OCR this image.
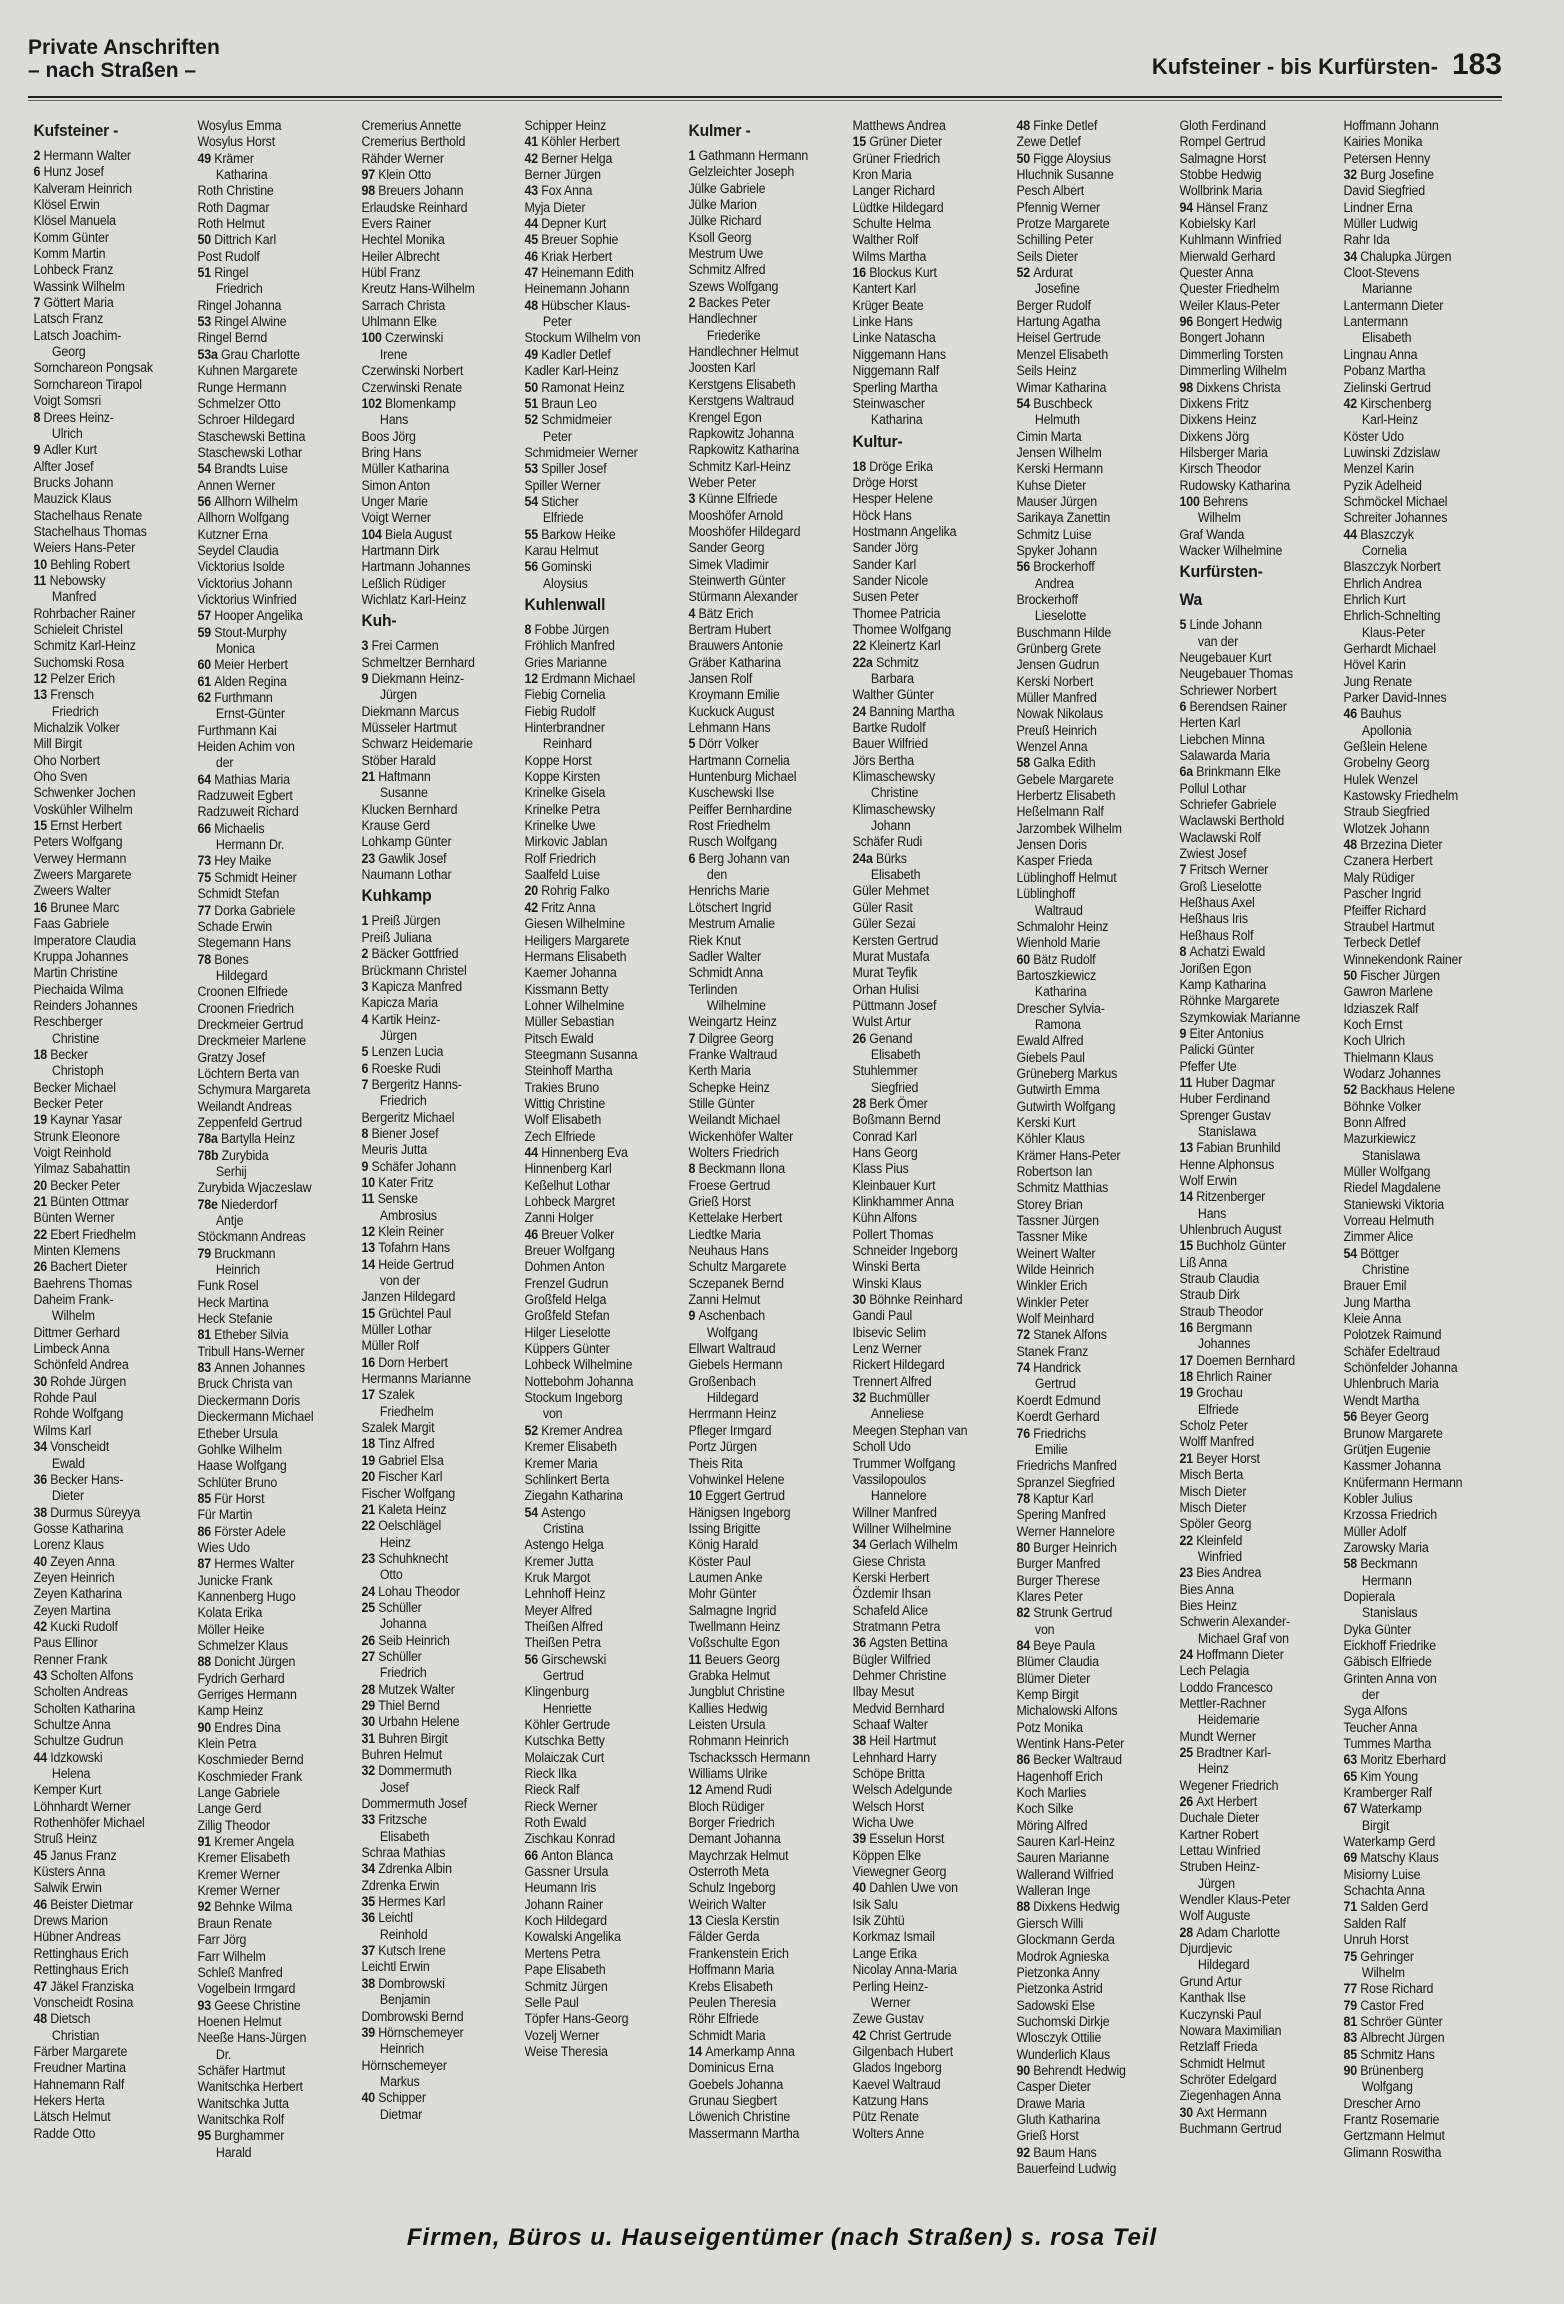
Private Anschriften
– nach Straßen –	Kufsteiner - bis Kurfürsten- 183
Kufsteiner -
2 Hermann Walter
6 Hunz Josef
Kalveram Heinrich
Klösel Erwin
Klösel Manuela
Komm Günter
Komm Martin
Lohbeck Franz
Wassink Wilhelm
7 Göttert Maria
Latsch Franz
Latsch Joachim-
Georg
Sornchareon Pongsak
Sornchareon Tirapol
Voigt Somsri
8 Drees Heinz-
Ulrich
9 Adler Kurt
Alfter Josef
Brucks Johann
Mauzick Klaus
Stachelhaus Renate
Stachelhaus Thomas
Weiers Hans-Peter
10 Behling Robert
11 Nebowsky
Manfred
Rohrbacher Rainer
Schieleit Christel
Schmitz Karl-Heinz
Suchomski Rosa
12 Pelzer Erich
13 Frensch
Friedrich
Michalzik Volker
Mill Birgit
Oho Norbert
Oho Sven
Schwenker Jochen
Voskühler Wilhelm
15 Ernst Herbert
Peters Wolfgang
Verwey Hermann
Zweers Margarete
Zweers Walter
16 Brunee Marc
Faas Gabriele
Imperatore Claudia
Kruppa Johannes
Martin Christine
Piechaida Wilma
Reinders Johannes
Reschberger
Christine
18 Becker
Christoph
Becker Michael
Becker Peter
19 Kaynar Yasar
Strunk Eleonore
Voigt Reinhold
Yilmaz Sabahattin
20 Becker Peter
21 Bünten Ottmar
Bünten Werner
22 Ebert Friedhelm
Minten Klemens
26 Bachert Dieter
Baehrens Thomas
Daheim Frank-
Wilhelm
Dittmer Gerhard
Limbeck Anna
Schönfeld Andrea
30 Rohde Jürgen
Rohde Paul
Rohde Wolfgang
Wilms Karl
34 Vonscheidt
Ewald
36 Becker Hans-
Dieter
38 Durmus Süreyya
Gosse Katharina
Lorenz Klaus
40 Zeyen Anna
Zeyen Heinrich
Zeyen Katharina
Zeyen Martina
42 Kucki Rudolf
Paus Ellinor
Renner Frank
43 Scholten Alfons
Scholten Andreas
Scholten Katharina
Schultze Anna
Schultze Gudrun
44 Idzkowski
Helena
Kemper Kurt
Löhnhardt Werner
Rothenhöfer Michael
Struß Heinz
45 Janus Franz
Küsters Anna
Salwik Erwin
46 Beister Dietmar
Drews Marion
Hübner Andreas
Rettinghaus Erich
Rettinghaus Erich
47 Jäkel Franziska
Vonscheidt Rosina
48 Dietsch
Christian
Färber Margarete
Freudner Martina
Hahnemann Ralf
Hekers Herta
Lätsch Helmut
Radde Otto
Wosylus Emma
Wosylus Horst
49 Krämer
Katharina
Roth Christine
Roth Dagmar
Roth Helmut
50 Dittrich Karl
Post Rudolf
51 Ringel
Friedrich
Ringel Johanna
53 Ringel Alwine
Ringel Bernd
53a Grau Charlotte
Kuhnen Margarete
Runge Hermann
Schmelzer Otto
Schroer Hildegard
Staschewski Bettina
Staschewski Lothar
54 Brandts Luise
Annen Werner
56 Allhorn Wilhelm
Allhorn Wolfgang
Kutzner Erna
Seydel Claudia
Vicktorius Isolde
Vicktorius Johann
Vicktorius Winfried
57 Hooper Angelika
59 Stout-Murphy
Monica
60 Meier Herbert
61 Alden Regina
62 Furthmann
Ernst-Günter
Furthmann Kai
Heiden Achim von
der
64 Mathias Maria
Radzuweit Egbert
Radzuweit Richard
66 Michaelis
Hermann Dr.
73 Hey Maike
75 Schmidt Heiner
Schmidt Stefan
77 Dorka Gabriele
Schade Erwin
Stegemann Hans
78 Bones
Hildegard
Croonen Elfriede
Croonen Friedrich
Dreckmeier Gertrud
Dreckmeier Marlene
Gratzy Josef
Löchtern Berta van
Schymura Margareta
Weilandt Andreas
Zeppenfeld Gertrud
78a Bartylla Heinz
78b Zurybida
Serhij
Zurybida Wjaczeslaw
78e Niederdorf
Antje
Stöckmann Andreas
79 Bruckmann
Heinrich
Funk Rosel
Heck Martina
Heck Stefanie
81 Etheber Silvia
Tribull Hans-Werner
83 Annen Johannes
Bruck Christa van
Dieckermann Doris
Dieckermann Michael
Etheber Ursula
Gohlke Wilhelm
Haase Wolfgang
Schlüter Bruno
85 Für Horst
Für Martin
86 Förster Adele
Wies Udo
87 Hermes Walter
Junicke Frank
Kannenberg Hugo
Kolata Erika
Möller Heike
Schmelzer Klaus
88 Donicht Jürgen
Fydrich Gerhard
Gerriges Hermann
Kamp Heinz
90 Endres Dina
Klein Petra
Koschmieder Bernd
Koschmieder Frank
Lange Gabriele
Lange Gerd
Zillig Theodor
91 Kremer Angela
Kremer Elisabeth
Kremer Werner
Kremer Werner
92 Behnke Wilma
Braun Renate
Farr Jörg
Farr Wilhelm
Schleß Manfred
Vogelbein Irmgard
93 Geese Christine
Hoenen Helmut
Neeße Hans-Jürgen
Dr.
Schäfer Hartmut
Wanitschka Herbert
Wanitschka Jutta
Wanitschka Rolf
95 Burghammer
Harald
Cremerius Annette
Cremerius Berthold
Rähder Werner
97 Klein Otto
98 Breuers Johann
Erlaudske Reinhard
Evers Rainer
Hechtel Monika
Heiler Albrecht
Hübl Franz
Kreutz Hans-Wilhelm
Sarrach Christa
Uhlmann Elke
100 Czerwinski
Irene
Czerwinski Norbert
Czerwinski Renate
102 Blomenkamp
Hans
Boos Jörg
Bring Hans
Müller Katharina
Simon Anton
Unger Marie
Voigt Werner
104 Biela August
Hartmann Dirk
Hartmann Johannes
Leßlich Rüdiger
Wichlatz Karl-Heinz
Kuh-
3 Frei Carmen
Schmeltzer Bernhard
9 Diekmann Heinz-
Jürgen
Diekmann Marcus
Müsseler Hartmut
Schwarz Heidemarie
Stöber Harald
21 Haftmann
Susanne
Klucken Bernhard
Krause Gerd
Lohkamp Günter
23 Gawlik Josef
Naumann Lothar
Kuhkamp
1 Preiß Jürgen
Preiß Juliana
2 Bäcker Gottfried
Brückmann Christel
3 Kapicza Manfred
Kapicza Maria
4 Kartik Heinz-
Jürgen
5 Lenzen Lucia
6 Roeske Rudi
7 Bergeritz Hanns-
Friedrich
Bergeritz Michael
8 Biener Josef
Meuris Jutta
9 Schäfer Johann
10 Kater Fritz
11 Senske
Ambrosius
12 Klein Reiner
13 Tofahrn Hans
14 Heide Gertrud
von der
Janzen Hildegard
15 Grüchtel Paul
Müller Lothar
Müller Rolf
16 Dorn Herbert
Hermanns Marianne
17 Szalek
Friedhelm
Szalek Margit
18 Tinz Alfred
19 Gabriel Elsa
20 Fischer Karl
Fischer Wolfgang
21 Kaleta Heinz
22 Oelschlägel
Heinz
23 Schuhknecht
Otto
24 Lohau Theodor
25 Schüller
Johanna
26 Seib Heinrich
27 Schüller
Friedrich
28 Mutzek Walter
29 Thiel Bernd
30 Urbahn Helene
31 Buhren Birgit
Buhren Helmut
32 Dommermuth
Josef
Dommermuth Josef
33 Fritzsche
Elisabeth
Schraa Mathias
34 Zdrenka Albin
Zdrenka Erwin
35 Hermes Karl
36 Leichtl
Reinhold
37 Kutsch Irene
Leichtl Erwin
38 Dombrowski
Benjamin
Dombrowski Bernd
39 Hörnschemeyer
Heinrich
Hörnschemeyer
Markus
40 Schipper
Dietmar
Schipper Heinz
41 Köhler Herbert
42 Berner Helga
Berner Jürgen
43 Fox Anna
Myja Dieter
44 Depner Kurt
45 Breuer Sophie
46 Kriak Herbert
47 Heinemann Edith
Heinemann Johann
48 Hübscher Klaus-
Peter
Stockum Wilhelm von
49 Kadler Detlef
Kadler Karl-Heinz
50 Ramonat Heinz
51 Braun Leo
52 Schmidmeier
Peter
Schmidmeier Werner
53 Spiller Josef
Spiller Werner
54 Sticher
Elfriede
55 Barkow Heike
Karau Helmut
56 Gominski
Aloysius
Kuhlenwall
8 Fobbe Jürgen
Fröhlich Manfred
Gries Marianne
12 Erdmann Michael
Fiebig Cornelia
Fiebig Rudolf
Hinterbrandner
Reinhard
Koppe Horst
Koppe Kirsten
Krinelke Gisela
Krinelke Petra
Krinelke Uwe
Mirkovic Jablan
Rolf Friedrich
Saalfeld Luise
20 Rohrig Falko
42 Fritz Anna
Giesen Wilhelmine
Heiligers Margarete
Hermans Elisabeth
Kaemer Johanna
Kissmann Betty
Lohner Wilhelmine
Müller Sebastian
Pitsch Ewald
Steegmann Susanna
Steinhoff Martha
Trakies Bruno
Wittig Christine
Wolf Elisabeth
Zech Elfriede
44 Hinnenberg Eva
Hinnenberg Karl
Keßelhut Lothar
Lohbeck Margret
Zanni Holger
46 Breuer Volker
Breuer Wolfgang
Dohmen Anton
Frenzel Gudrun
Großfeld Helga
Großfeld Stefan
Hilger Lieselotte
Küppers Günter
Lohbeck Wilhelmine
Nottebohm Johanna
Stockum Ingeborg
von
52 Kremer Andrea
Kremer Elisabeth
Kremer Maria
Schlinkert Berta
Ziegahn Katharina
54 Astengo
Cristina
Astengo Helga
Kremer Jutta
Kruk Margot
Lehnhoff Heinz
Meyer Alfred
Theißen Alfred
Theißen Petra
56 Girschewski
Gertrud
Klingenburg
Henriette
Köhler Gertrude
Kutschka Betty
Molaiczak Curt
Rieck Ilka
Rieck Ralf
Rieck Werner
Roth Ewald
Zischkau Konrad
66 Anton Blanca
Gassner Ursula
Heumann Iris
Johann Rainer
Koch Hildegard
Kowalski Angelika
Mertens Petra
Pape Elisabeth
Schmitz Jürgen
Selle Paul
Töpfer Hans-Georg
Vozelj Werner
Weise Theresia
Kulmer -
1 Gathmann Hermann
Gelzleichter Joseph
Jülke Gabriele
Jülke Marion
Jülke Richard
Ksoll Georg
Mestrum Uwe
Schmitz Alfred
Szews Wolfgang
2 Backes Peter
Handlechner
Friederike
Handlechner Helmut
Joosten Karl
Kerstgens Elisabeth
Kerstgens Waltraud
Krengel Egon
Rapkowitz Johanna
Rapkowitz Katharina
Schmitz Karl-Heinz
Weber Peter
3 Künne Elfriede
Mooshöfer Arnold
Mooshöfer Hildegard
Sander Georg
Simek Vladimir
Steinwerth Günter
Stürmann Alexander
4 Bätz Erich
Bertram Hubert
Brauwers Antonie
Gräber Katharina
Jansen Rolf
Kroymann Emilie
Kuckuck August
Lehmann Hans
5 Dörr Volker
Hartmann Cornelia
Huntenburg Michael
Kuschewski Ilse
Peiffer Bernhardine
Rost Friedhelm
Rusch Wolfgang
6 Berg Johann van
den
Henrichs Marie
Lötschert Ingrid
Mestrum Amalie
Riek Knut
Sadler Walter
Schmidt Anna
Terlinden
Wilhelmine
Weingartz Heinz
7 Dilgree Georg
Franke Waltraud
Kerth Maria
Schepke Heinz
Stille Günter
Weilandt Michael
Wickenhöfer Walter
Wolters Friedrich
8 Beckmann Ilona
Froese Gertrud
Grieß Horst
Kettelake Herbert
Liedtke Maria
Neuhaus Hans
Schultz Margarete
Sczepanek Bernd
Zanni Helmut
9 Aschenbach
Wolfgang
Ellwart Waltraud
Giebels Hermann
Großenbach
Hildegard
Herrmann Heinz
Pfleger Irmgard
Portz Jürgen
Theis Rita
Vohwinkel Helene
10 Eggert Gertrud
Hänigsen Ingeborg
Issing Brigitte
König Harald
Köster Paul
Laumen Anke
Mohr Günter
Salmagne Ingrid
Twellmann Heinz
Voßschulte Egon
11 Beuers Georg
Grabka Helmut
Jungblut Christine
Kallies Hedwig
Leisten Ursula
Rohmann Heinrich
Tschackssch Hermann
Williams Ulrike
12 Amend Rudi
Bloch Rüdiger
Borger Friedrich
Demant Johanna
Maychrzak Helmut
Osterroth Meta
Schulz Ingeborg
Weirich Walter
13 Ciesla Kerstin
Fälder Gerda
Frankenstein Erich
Hoffmann Maria
Krebs Elisabeth
Peulen Theresia
Röhr Elfriede
Schmidt Maria
14 Amerkamp Anna
Dominicus Erna
Goebels Johanna
Grunau Siegbert
Löwenich Christine
Massermann Martha
Matthews Andrea
15 Grüner Dieter
Grüner Friedrich
Kron Maria
Langer Richard
Lüdtke Hildegard
Schulte Helma
Walther Rolf
Wilms Martha
16 Blockus Kurt
Kantert Karl
Krüger Beate
Linke Hans
Linke Natascha
Niggemann Hans
Niggemann Ralf
Sperling Martha
Steinwascher
Katharina
Kultur-
18 Dröge Erika
Dröge Horst
Hesper Helene
Höck Hans
Hostmann Angelika
Sander Jörg
Sander Karl
Sander Nicole
Susen Peter
Thomee Patricia
Thomee Wolfgang
22 Kleinertz Karl
22a Schmitz
Barbara
Walther Günter
24 Banning Martha
Bartke Rudolf
Bauer Wilfried
Jörs Bertha
Klimaschewsky
Christine
Klimaschewsky
Johann
Schäfer Rudi
24a Bürks
Elisabeth
Güler Mehmet
Güler Rasit
Güler Sezai
Kersten Gertrud
Murat Mustafa
Murat Teyfik
Orhan Hulisi
Püttmann Josef
Wulst Artur
26 Genand
Elisabeth
Stuhlemmer
Siegfried
28 Berk Ömer
Boßmann Bernd
Conrad Karl
Hans Georg
Klass Pius
Kleinbauer Kurt
Klinkhammer Anna
Kühn Alfons
Pollert Thomas
Schneider Ingeborg
Winski Berta
Winski Klaus
30 Böhnke Reinhard
Gandi Paul
Ibisevic Selim
Lenz Werner
Rickert Hildegard
Trennert Alfred
32 Buchmüller
Anneliese
Meegen Stephan van
Scholl Udo
Trummer Wolfgang
Vassilopoulos
Hannelore
Willner Manfred
Willner Wilhelmine
34 Gerlach Wilhelm
Giese Christa
Kerski Herbert
Özdemir Ihsan
Schafeld Alice
Stratmann Petra
36 Agsten Bettina
Bügler Wilfried
Dehmer Christine
Ilbay Mesut
Medvid Bernhard
Schaaf Walter
38 Heil Hartmut
Lehnhard Harry
Schöpe Britta
Welsch Adelgunde
Welsch Horst
Wicha Uwe
39 Esselun Horst
Köppen Elke
Viewegner Georg
40 Dahlen Uwe von
Isik Salu
Isik Zühtü
Korkmaz Ismail
Lange Erika
Nicolay Anna-Maria
Perling Heinz-
Werner
Zewe Gustav
42 Christ Gertrude
Gilgenbach Hubert
Glados Ingeborg
Kaevel Waltraud
Katzung Hans
Pütz Renate
Wolters Anne
48 Finke Detlef
Zewe Detlef
50 Figge Aloysius
Hluchnik Susanne
Pesch Albert
Pfennig Werner
Protze Margarete
Schilling Peter
Seils Dieter
52 Ardurat
Josefine
Berger Rudolf
Hartung Agatha
Heisel Gertrude
Menzel Elisabeth
Seils Heinz
Wimar Katharina
54 Buschbeck
Helmuth
Cimin Marta
Jensen Wilhelm
Kerski Hermann
Kuhse Dieter
Mauser Jürgen
Sarikaya Zanettin
Schmitz Luise
Spyker Johann
56 Brockerhoff
Andrea
Brockerhoff
Lieselotte
Buschmann Hilde
Grünberg Grete
Jensen Gudrun
Kerski Norbert
Müller Manfred
Nowak Nikolaus
Preuß Heinrich
Wenzel Anna
58 Galka Edith
Gebele Margarete
Herbertz Elisabeth
Heßelmann Ralf
Jarzombek Wilhelm
Jensen Doris
Kasper Frieda
Lüblinghoff Helmut
Lüblinghoff
Waltraud
Schmalohr Heinz
Wienhold Marie
60 Bätz Rudolf
Bartoszkiewicz
Katharina
Drescher Sylvia-
Ramona
Ewald Alfred
Giebels Paul
Grüneberg Markus
Gutwirth Emma
Gutwirth Wolfgang
Kerski Kurt
Köhler Klaus
Krämer Hans-Peter
Robertson Ian
Schmitz Matthias
Storey Brian
Tassner Jürgen
Tassner Mike
Weinert Walter
Wilde Heinrich
Winkler Erich
Winkler Peter
Wolf Meinhard
72 Stanek Alfons
Stanek Franz
74 Handrick
Gertrud
Koerdt Edmund
Koerdt Gerhard
76 Friedrichs
Emilie
Friedrichs Manfred
Spranzel Siegfried
78 Kaptur Karl
Spering Manfred
Werner Hannelore
80 Burger Heinrich
Burger Manfred
Burger Therese
Klares Peter
82 Strunk Gertrud
von
84 Beye Paula
Blümer Claudia
Blümer Dieter
Kemp Birgit
Michalowski Alfons
Potz Monika
Wentink Hans-Peter
86 Becker Waltraud
Hagenhoff Erich
Koch Marlies
Koch Silke
Möring Alfred
Sauren Karl-Heinz
Sauren Marianne
Wallerand Wilfried
Walleran Inge
88 Dixkens Hedwig
Giersch Willi
Glockmann Gerda
Modrok Agnieska
Pietzonka Anny
Pietzonka Astrid
Sadowski Else
Suchomski Dirkje
Wlosczyk Ottilie
Wunderlich Klaus
90 Behrendt Hedwig
Casper Dieter
Drawe Maria
Gluth Katharina
Grieß Horst
92 Baum Hans
Bauerfeind Ludwig
Gloth Ferdinand
Rompel Gertrud
Salmagne Horst
Stobbe Hedwig
Wollbrink Maria
94 Hänsel Franz
Kobielsky Karl
Kuhlmann Winfried
Mierwald Gerhard
Quester Anna
Quester Friedhelm
Weiler Klaus-Peter
96 Bongert Hedwig
Bongert Johann
Dimmerling Torsten
Dimmerling Wilhelm
98 Dixkens Christa
Dixkens Fritz
Dixkens Heinz
Dixkens Jörg
Hilsberger Maria
Kirsch Theodor
Rudowsky Katharina
100 Behrens
Wilhelm
Graf Wanda
Wacker Wilhelmine
Kurfürsten-
Wa
5 Linde Johann
van der
Neugebauer Kurt
Neugebauer Thomas
Schriewer Norbert
6 Berendsen Rainer
Herten Karl
Liebchen Minna
Salawarda Maria
6a Brinkmann Elke
Pollul Lothar
Schriefer Gabriele
Waclawski Berthold
Waclawski Rolf
Zwiest Josef
7 Fritsch Werner
Groß Lieselotte
Heßhaus Axel
Heßhaus Iris
Heßhaus Rolf
8 Achatzi Ewald
Jorißen Egon
Kamp Katharina
Röhnke Margarete
Szymkowiak Marianne
9 Eiter Antonius
Palicki Günter
Pfeffer Ute
11 Huber Dagmar
Huber Ferdinand
Sprenger Gustav
Stanislawa
13 Fabian Brunhild
Henne Alphonsus
Wolf Erwin
14 Ritzenberger
Hans
Uhlenbruch August
15 Buchholz Günter
Liß Anna
Straub Claudia
Straub Dirk
Straub Theodor
16 Bergmann
Johannes
17 Doemen Bernhard
18 Ehrlich Rainer
19 Grochau
Elfriede
Scholz Peter
Wolff Manfred
21 Beyer Horst
Misch Berta
Misch Dieter
Misch Dieter
Spöler Georg
22 Kleinfeld
Winfried
23 Bies Andrea
Bies Anna
Bies Heinz
Schwerin Alexander-
Michael Graf von
24 Hoffmann Dieter
Lech Pelagia
Loddo Francesco
Mettler-Rachner
Heidemarie
Mundt Werner
25 Bradtner Karl-
Heinz
Wegener Friedrich
26 Axt Herbert
Duchale Dieter
Kartner Robert
Lettau Winfried
Struben Heinz-
Jürgen
Wendler Klaus-Peter
Wolf Auguste
28 Adam Charlotte
Djurdjevic
Hildegard
Grund Artur
Kanthak Ilse
Kuczynski Paul
Nowara Maximilian
Retzlaff Frieda
Schmidt Helmut
Schröter Edelgard
Ziegenhagen Anna
30 Axt Hermann
Buchmann Gertrud
Hoffmann Johann
Kairies Monika
Petersen Henny
32 Burg Josefine
David Siegfried
Lindner Erna
Müller Ludwig
Rahr Ida
34 Chalupka Jürgen
Cloot-Stevens
Marianne
Lantermann Dieter
Lantermann
Elisabeth
Lingnau Anna
Pobanz Martha
Zielinski Gertrud
42 Kirschenberg
Karl-Heinz
Köster Udo
Luwinski Zdzislaw
Menzel Karin
Pyzik Adelheid
Schmöckel Michael
Schreiter Johannes
44 Blaszczyk
Cornelia
Blaszczyk Norbert
Ehrlich Andrea
Ehrlich Kurt
Ehrlich-Schnelting
Klaus-Peter
Gerhardt Michael
Hövel Karin
Jung Renate
Parker David-Innes
46 Bauhus
Apollonia
Geßlein Helene
Grobelny Georg
Hulek Wenzel
Kastowsky Friedhelm
Straub Siegfried
Wlotzek Johann
48 Brzezina Dieter
Czanera Herbert
Maly Rüdiger
Pascher Ingrid
Pfeiffer Richard
Straubel Hartmut
Terbeck Detlef
Winnekendonk Rainer
50 Fischer Jürgen
Gawron Marlene
Idziaszek Ralf
Koch Ernst
Koch Ulrich
Thielmann Klaus
Wodarz Johannes
52 Backhaus Helene
Böhnke Volker
Bonn Alfred
Mazurkiewicz
Stanislawa
Müller Wolfgang
Riedel Magdalene
Staniewski Viktoria
Vorreau Helmuth
Zimmer Alice
54 Böttger
Christine
Brauer Emil
Jung Martha
Kleie Anna
Polotzek Raimund
Schäfer Edeltraud
Schönfelder Johanna
Uhlenbruch Maria
Wendt Martha
56 Beyer Georg
Brunow Margarete
Grütjen Eugenie
Kassmer Johanna
Knüfermann Hermann
Kobler Julius
Krzossa Friedrich
Müller Adolf
Zarowsky Maria
58 Beckmann
Hermann
Dopierala
Stanislaus
Dyka Günter
Eickhoff Friedrike
Gäbisch Elfriede
Grinten Anna von
der
Syga Alfons
Teucher Anna
Tummes Martha
63 Moritz Eberhard
65 Kim Young
Kramberger Ralf
67 Waterkamp
Birgit
Waterkamp Gerd
69 Matschy Klaus
Misiorny Luise
Schachta Anna
71 Salden Gerd
Salden Ralf
Unruh Horst
75 Gehringer
Wilhelm
77 Rose Richard
79 Castor Fred
81 Schröer Günter
83 Albrecht Jürgen
85 Schmitz Hans
90 Brünenberg
Wolfgang
Drescher Arno
Frantz Rosemarie
Gertzmann Helmut
Glimann Roswitha
Firmen, Büros u. Hauseigentümer (nach Straßen) s. rosa Teil
